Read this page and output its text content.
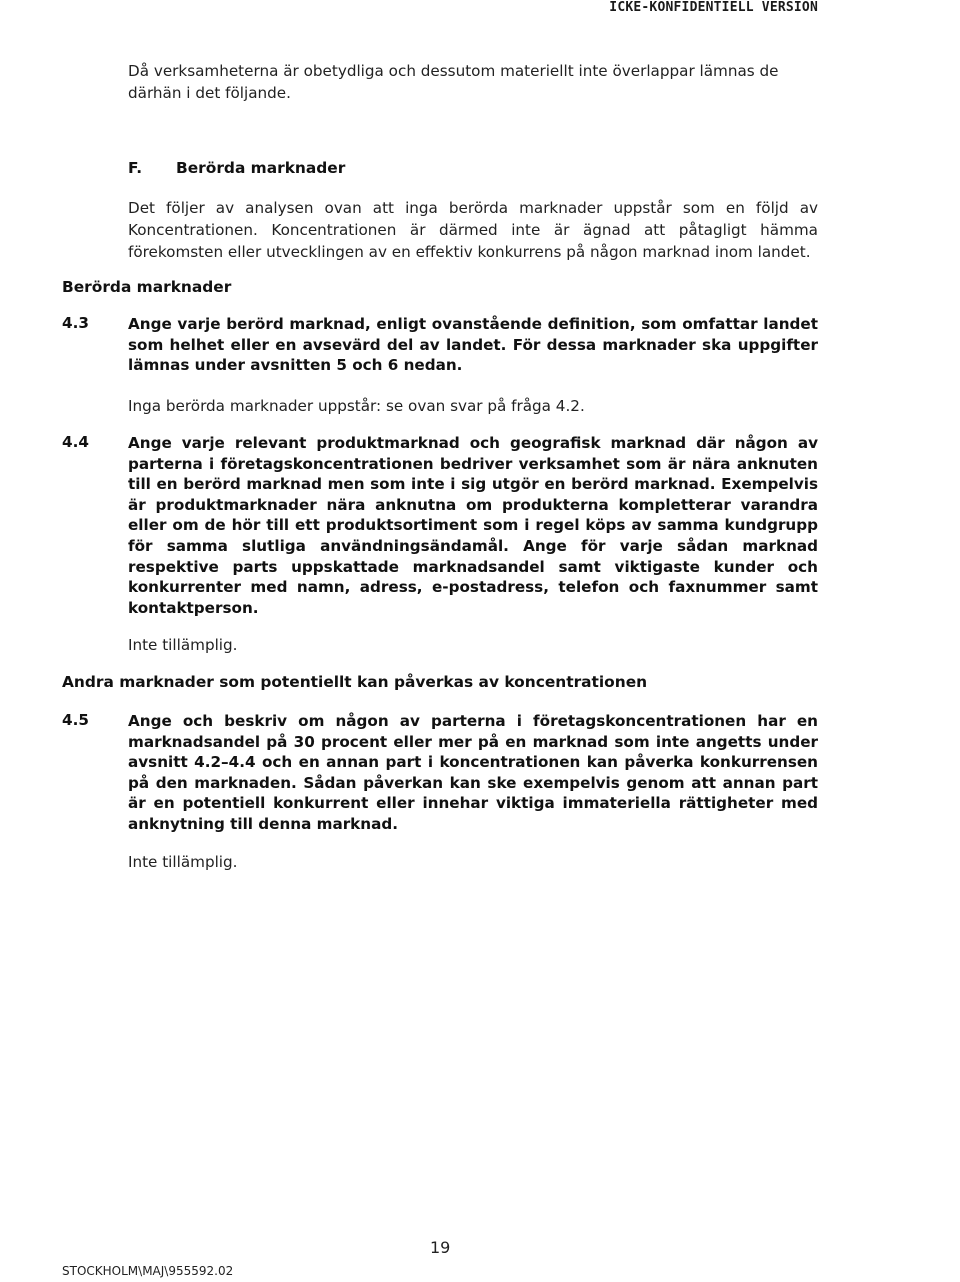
ICKE-KONFIDENTIELL VERSION

Då verksamheterna är obetydliga och dessutom materiellt inte överlappar lämnas de därhän i det följande.

F. Berörda marknader

Det följer av analysen ovan att inga berörda marknader uppstår som en följd av Koncentrationen. Koncentrationen är därmed inte är ägnad att påtagligt hämma förekomsten eller utvecklingen av en effektiv konkurrens på någon marknad inom landet.

Berörda marknader
4.3	Ange varje berörd marknad, enligt ovanstående definition, som omfattar landet som helhet eller en avsevärd del av landet. För dessa marknader ska uppgifter lämnas under avsnitten 5 och 6 nedan.

Inga berörda marknader uppstår: se ovan svar på fråga 4.2.

4.4	Ange varje relevant produktmarknad och geografisk marknad där någon av parterna i företagskoncentrationen bedriver verksamhet som är nära anknuten till en berörd marknad men som inte i sig utgör en berörd marknad. Exempelvis är produktmarknader nära anknutna om produkterna kompletterar varandra eller om de hör till ett produktsortiment som i regel köps av samma kundgrupp för samma slutliga användningsändamål. Ange för varje sådan marknad respektive parts uppskattade marknadsandel samt viktigaste kunder och konkurrenter med namn, adress, e-postadress, telefon och faxnummer samt kontaktperson.

Inte tillämplig.

Andra marknader som potentiellt kan påverkas av koncentrationen
4.5	Ange och beskriv om någon av parterna i företagskoncentrationen har en marknadsandel på 30 procent eller mer på en marknad som inte angetts under avsnitt 4.2–4.4 och en annan part i koncentrationen kan påverka konkurrensen på den marknaden. Sådan påverkan kan ske exempelvis genom att annan part är en potentiell konkurrent eller innehar viktiga immateriella rättigheter med anknytning till denna marknad.

Inte tillämplig.

19
STOCKHOLM\MAJ\955592.02
